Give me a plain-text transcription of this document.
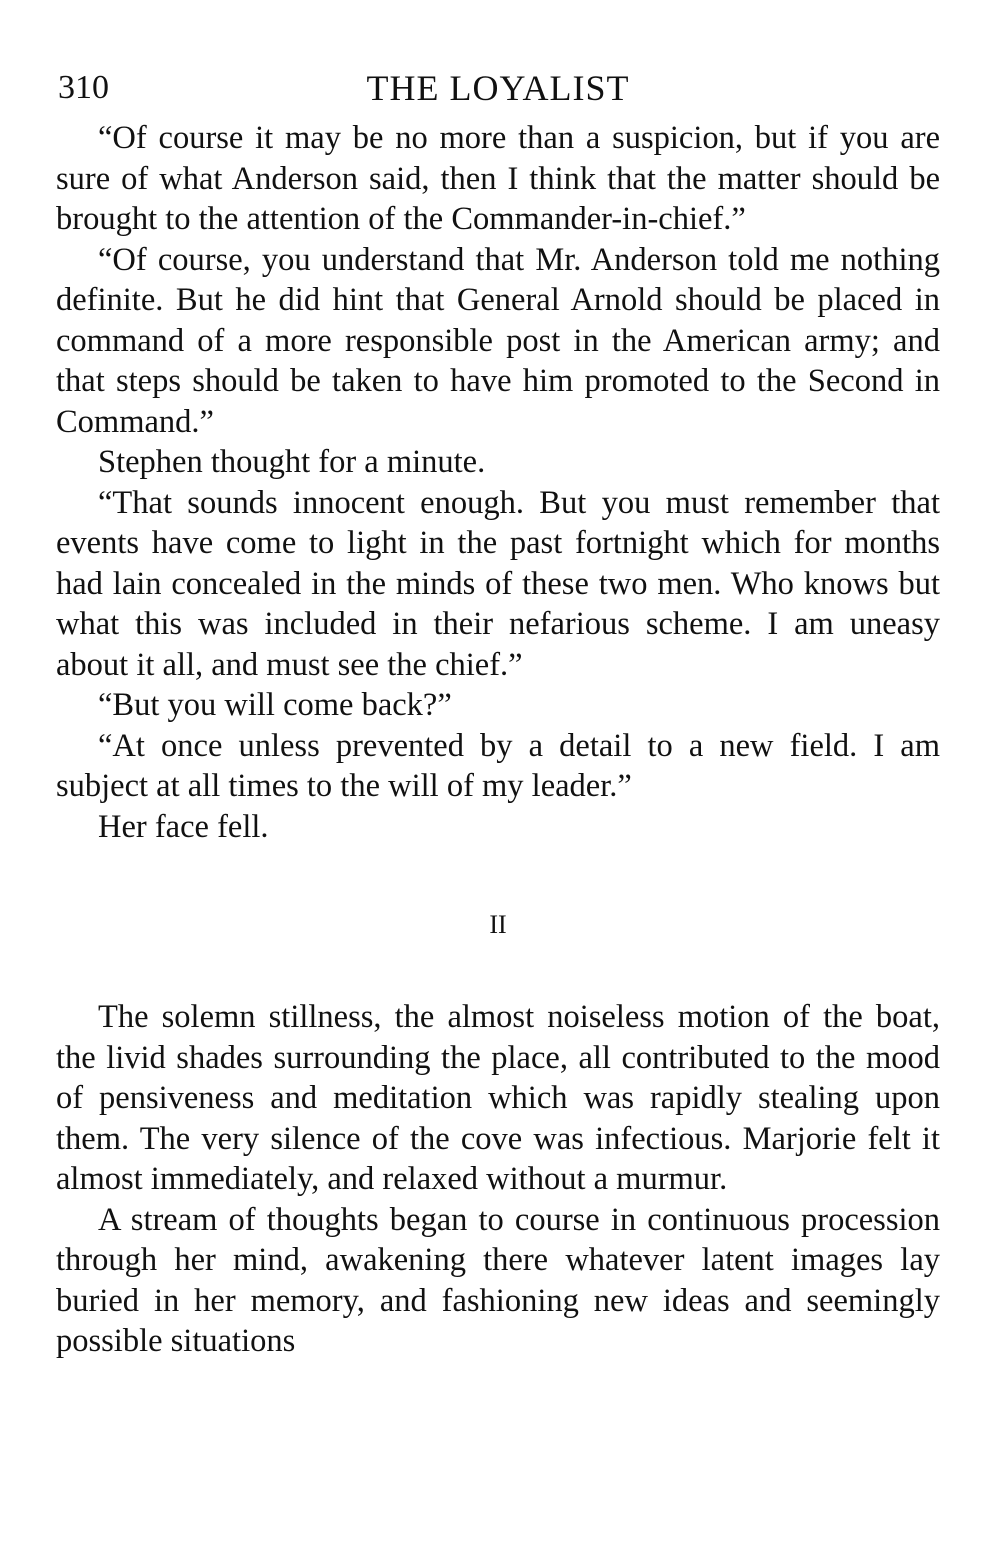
310	THE LOYALIST

“Of course it may be no more than a suspicion, but if you are sure of what Anderson said, then I think that the matter should be brought to the attention of the Commander-in-chief.”

“Of course, you understand that Mr. Anderson told me nothing definite. But he did hint that General Arnold should be placed in command of a more responsible post in the American army; and that steps should be taken to have him promoted to the Second in Command.”

Stephen thought for a minute.

“That sounds innocent enough. But you must remember that events have come to light in the past fortnight which for months had lain concealed in the minds of these two men. Who knows but what this was included in their nefarious scheme. I am uneasy about it all, and must see the chief.”

“But you will come back?”

“At once unless prevented by a detail to a new field. I am subject at all times to the will of my leader.”

Her face fell.

II

The solemn stillness, the almost noiseless motion of the boat, the livid shades surrounding the place, all contributed to the mood of pensiveness and meditation which was rapidly stealing upon them. The very silence of the cove was infectious. Marjorie felt it almost immediately, and relaxed without a murmur.

A stream of thoughts began to course in continuous procession through her mind, awakening there whatever latent images lay buried in her memory, and fashioning new ideas and seemingly possible situations
